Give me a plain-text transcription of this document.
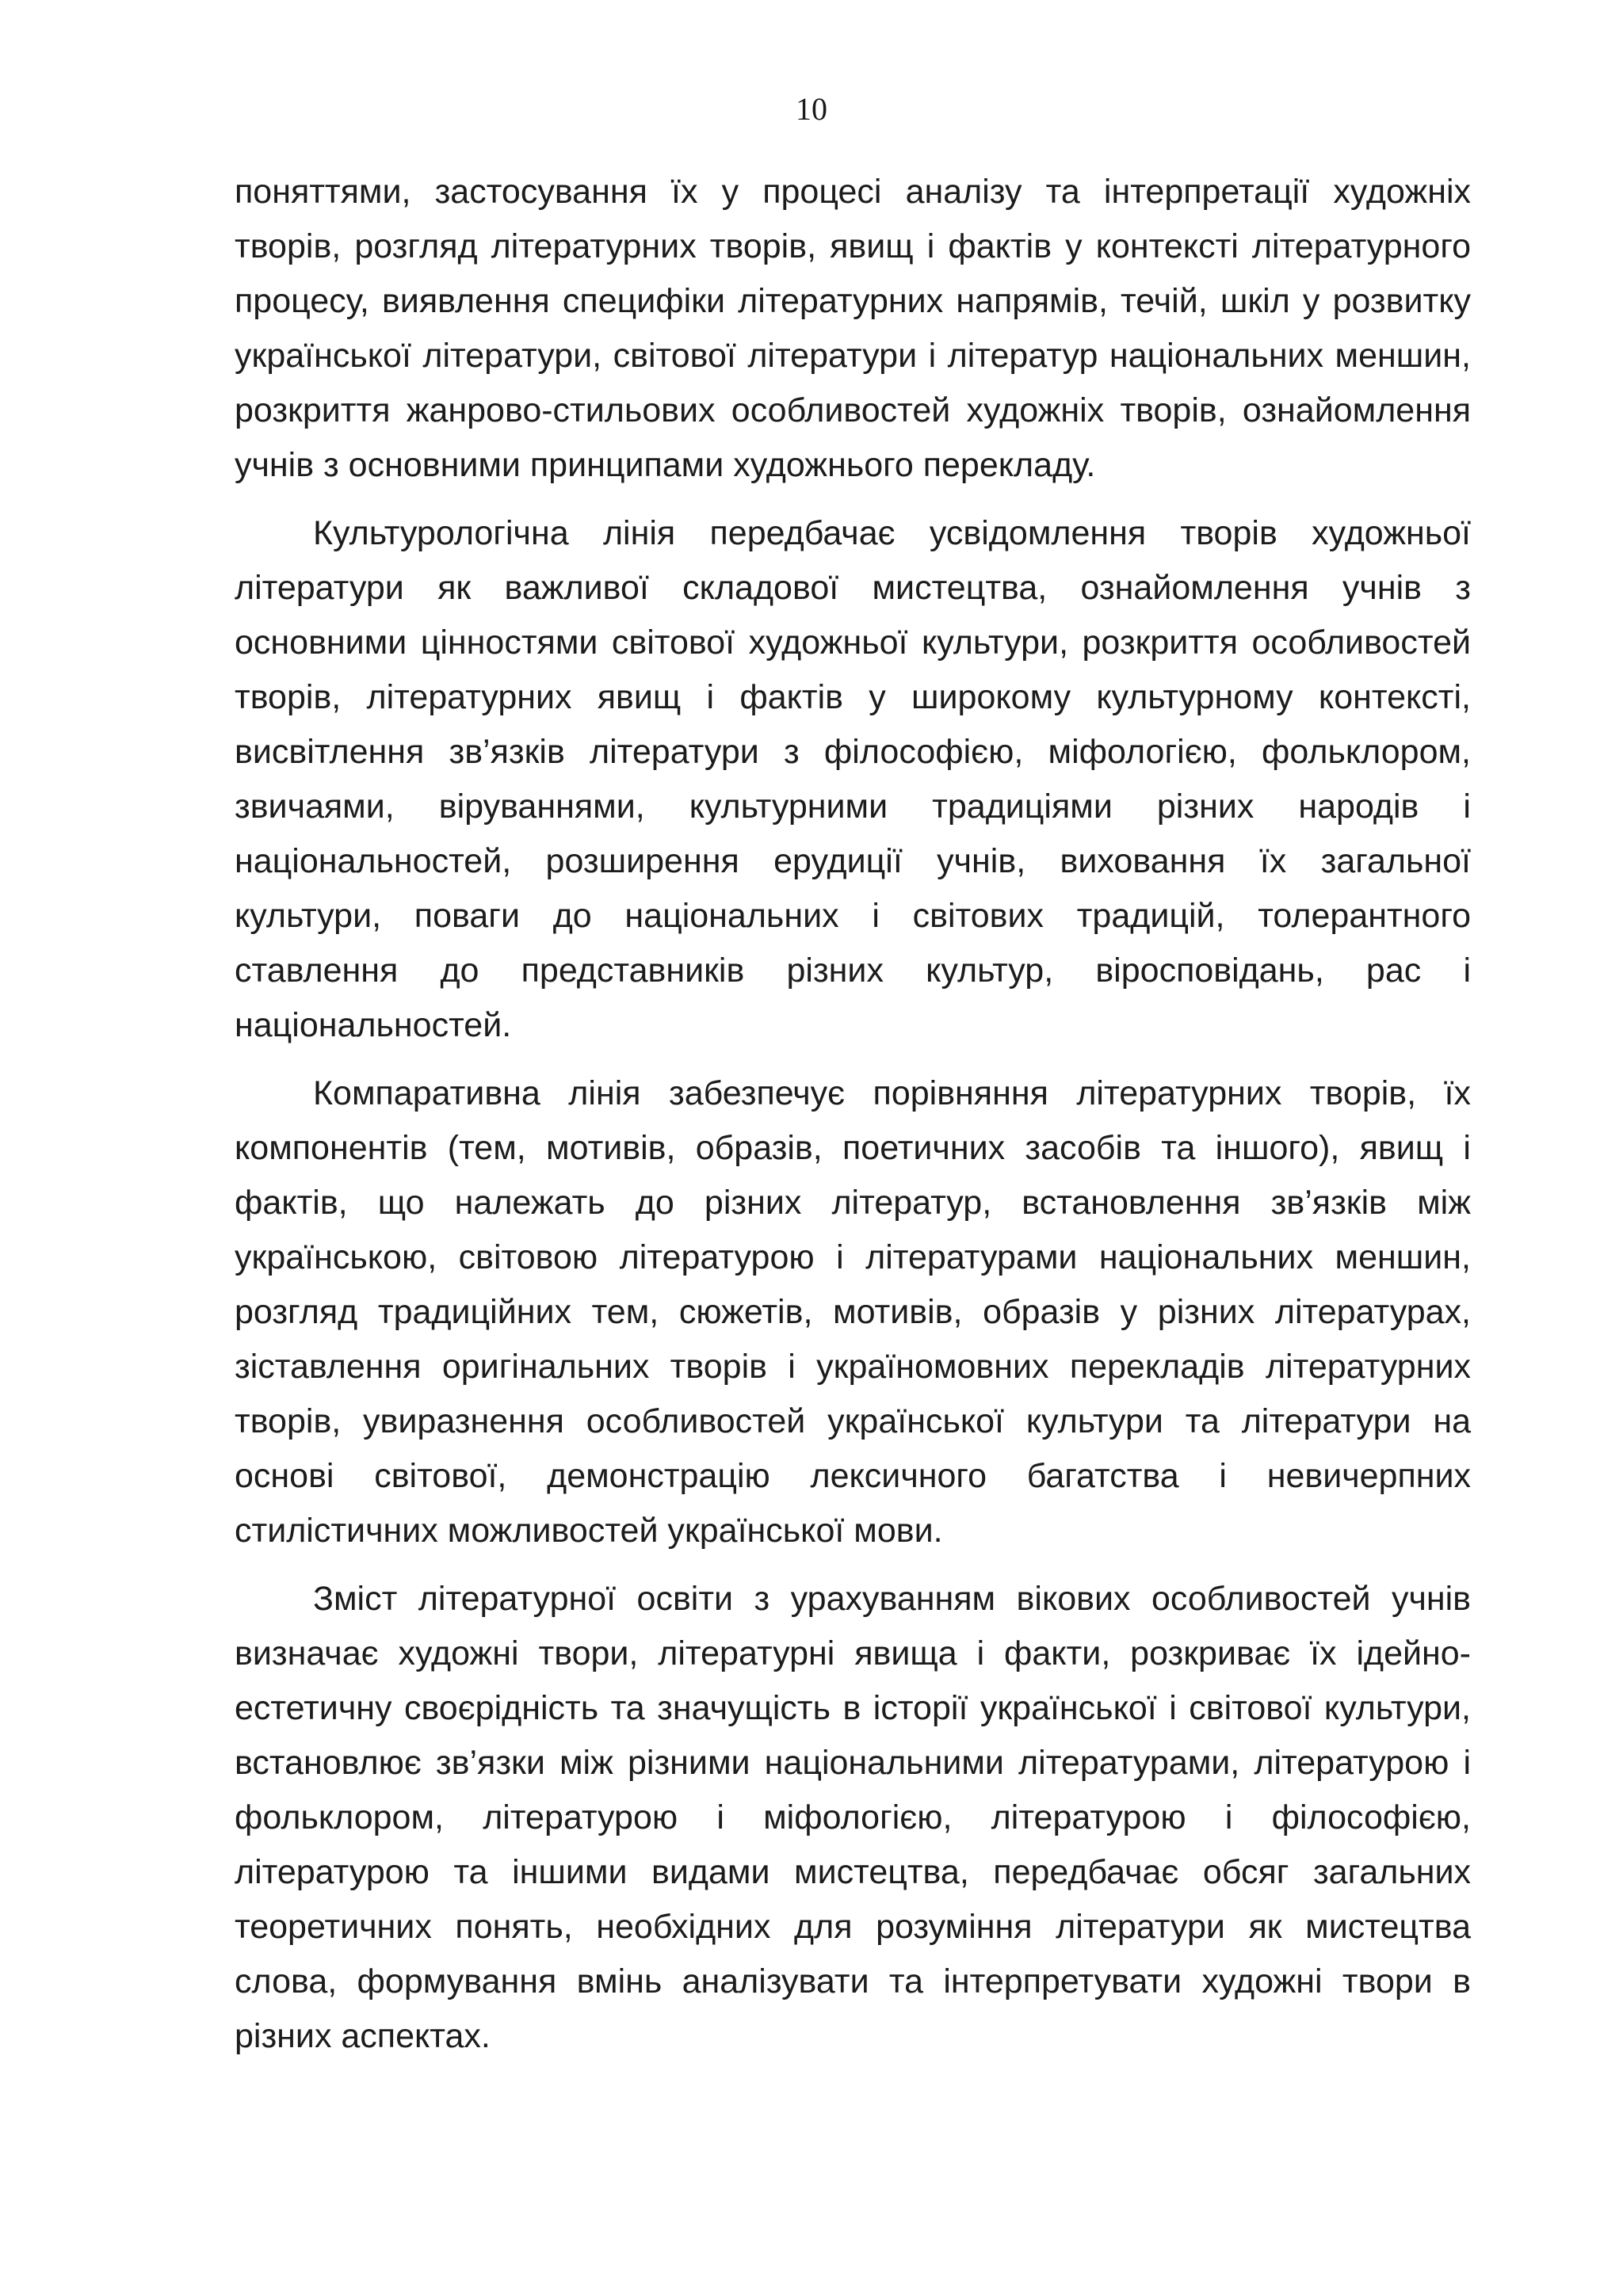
10

поняттями, застосування їх у процесі аналізу та інтерпретації художніх творів, розгляд літературних творів, явищ і фактів у контексті літературного процесу, виявлення специфіки літературних напрямів, течій, шкіл у розвитку української літератури, світової літератури і літератур національних меншин, розкриття жанрово-стильових особливостей художніх творів, ознайомлення учнів з основними принципами художнього перекладу.

Культурологічна лінія передбачає усвідомлення творів художньої літератури як важливої складової мистецтва, ознайомлення учнів з основними цінностями світової художньої культури, розкриття особливостей творів, літературних явищ і фактів у широкому культурному контексті, висвітлення зв’язків літератури з філософією, міфологією, фольклором, звичаями, віруваннями, культурними традиціями різних народів і національностей, розширення ерудиції учнів, виховання їх загальної культури, поваги до національних і світових традицій, толерантного ставлення до представників різних культур, віросповідань, рас і національностей.

Компаративна лінія забезпечує порівняння літературних творів, їх компонентів (тем, мотивів, образів, поетичних засобів та іншого), явищ і фактів, що належать до різних літератур, встановлення зв’язків між українською, світовою літературою і літературами національних меншин, розгляд традиційних тем, сюжетів, мотивів, образів у різних літературах, зіставлення оригінальних творів і україномовних перекладів літературних творів, увиразнення особливостей української культури та літератури на основі світової, демонстрацію лексичного багатства і невичерпних стилістичних можливостей української мови.

Зміст літературної освіти з урахуванням вікових особливостей учнів визначає художні твори, літературні явища і факти, розкриває їх ідейно-естетичну своєрідність та значущість в історії української і світової культури, встановлює зв’язки між різними національними літературами, літературою і фольклором, літературою і міфологією, літературою і філософією, літературою та іншими видами мистецтва, передбачає обсяг загальних теоретичних понять, необхідних для розуміння літератури як мистецтва слова, формування вмінь аналізувати та інтерпретувати художні твори в різних аспектах.
